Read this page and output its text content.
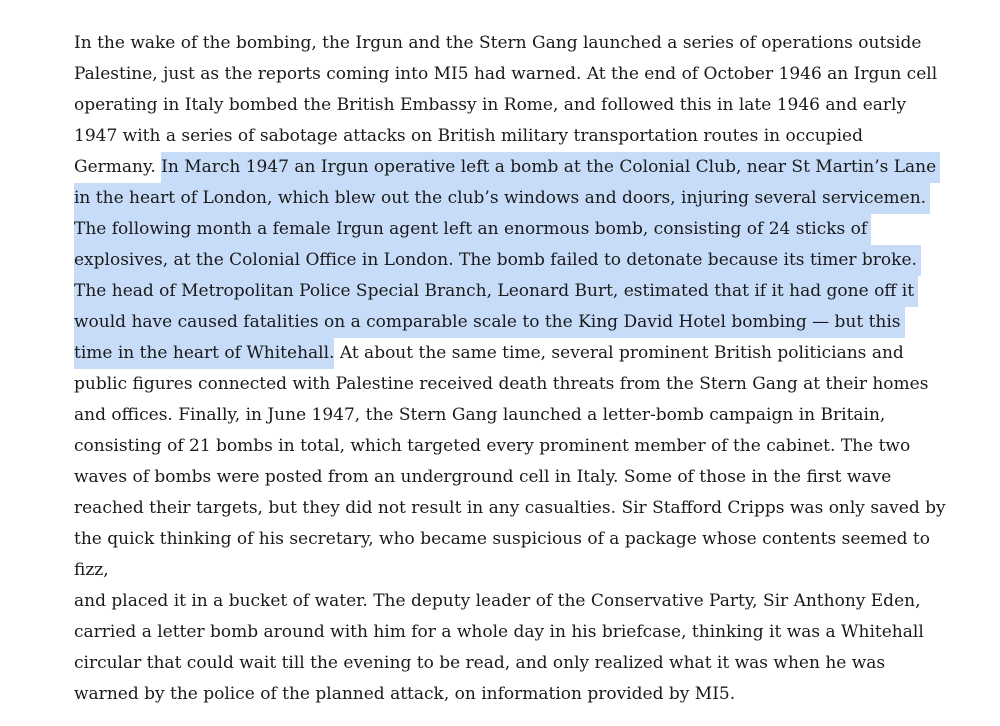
In the wake of the bombing, the Irgun and the Stern Gang launched a series of operations outside
Palestine, just as the reports coming into MI5 had warned. At the end of October 1946 an Irgun cell
operating in Italy bombed the British Embassy in Rome, and followed this in late 1946 and early
1947 with a series of sabotage attacks on British military transportation routes in occupied
Germany. In March 1947 an Irgun operative left a bomb at the Colonial Club, near St Martin’s Lane
in the heart of London, which blew out the club’s windows and doors, injuring several servicemen.
The following month a female Irgun agent left an enormous bomb, consisting of 24 sticks of
explosives, at the Colonial Office in London. The bomb failed to detonate because its timer broke.
The head of Metropolitan Police Special Branch, Leonard Burt, estimated that if it had gone off it
would have caused fatalities on a comparable scale to the King David Hotel bombing — but this
time in the heart of Whitehall. At about the same time, several prominent British politicians and
public figures connected with Palestine received death threats from the Stern Gang at their homes
and offices. Finally, in June 1947, the Stern Gang launched a letter-bomb campaign in Britain,
consisting of 21 bombs in total, which targeted every prominent member of the cabinet. The two
waves of bombs were posted from an underground cell in Italy. Some of those in the first wave
reached their targets, but they did not result in any casualties. Sir Stafford Cripps was only saved by
the quick thinking of his secretary, who became suspicious of a package whose contents seemed to
fizz,
and placed it in a bucket of water. The deputy leader of the Conservative Party, Sir Anthony Eden,
carried a letter bomb around with him for a whole day in his briefcase, thinking it was a Whitehall
circular that could wait till the evening to be read, and only realized what it was when he was
warned by the police of the planned attack, on information provided by MI5.
